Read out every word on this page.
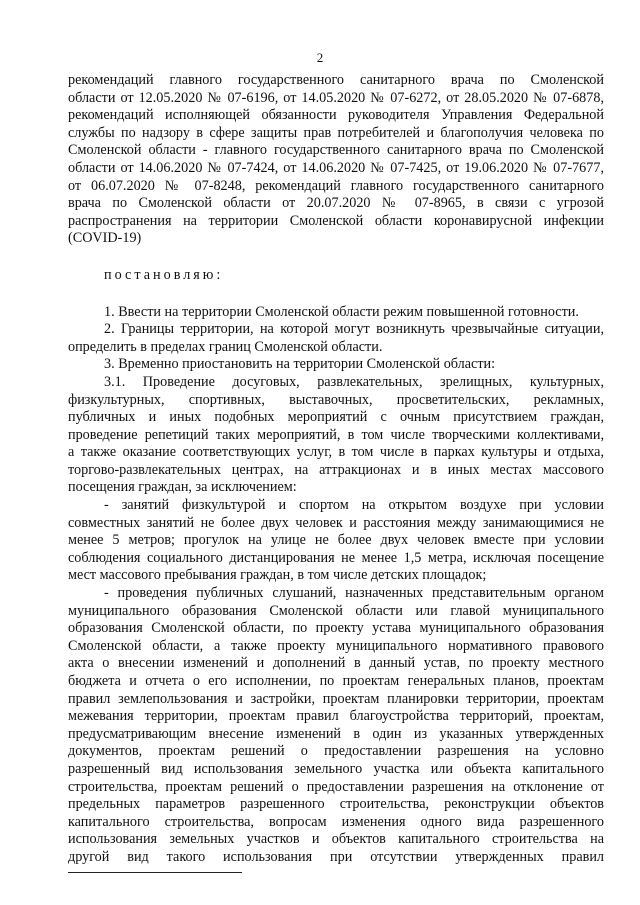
2
рекомендаций главного государственного санитарного врача по Смоленской
области от 12.05.2020 № 07-6196, от 14.05.2020 № 07-6272, от 28.05.2020 № 07-6878,
рекомендаций исполняющей обязанности руководителя Управления Федеральной
службы по надзору в сфере защиты прав потребителей и благополучия человека по
Смоленской области - главного государственного санитарного врача по Смоленской
области от 14.06.2020 № 07-7424, от 14.06.2020 № 07-7425, от 19.06.2020 № 07-7677,
от 06.07.2020 № 07-8248, рекомендаций главного государственного санитарного
врача по Смоленской области от 20.07.2020 № 07-8965, в связи с угрозой
распространения на территории Смоленской области коронавирусной инфекции
(COVID-19)
постановляю:
1. Ввести на территории Смоленской области режим повышенной готовности.
2. Границы территории, на которой могут возникнуть чрезвычайные ситуации,
определить в пределах границ Смоленской области.
3. Временно приостановить на территории Смоленской области:
3.1. Проведение досуговых, развлекательных, зрелищных, культурных,
физкультурных, спортивных, выставочных, просветительских, рекламных,
публичных и иных подобных мероприятий с очным присутствием граждан,
проведение репетиций таких мероприятий, в том числе творческими коллективами,
а также оказание соответствующих услуг, в том числе в парках культуры и отдыха,
торгово-развлекательных центрах, на аттракционах и в иных местах массового
посещения граждан, за исключением:
- занятий физкультурой и спортом на открытом воздухе при условии
совместных занятий не более двух человек и расстояния между занимающимися не
менее 5 метров; прогулок на улице не более двух человек вместе при условии
соблюдения социального дистанцирования не менее 1,5 метра, исключая посещение
мест массового пребывания граждан, в том числе детских площадок;
- проведения публичных слушаний, назначенных представительным органом
муниципального образования Смоленской области или главой муниципального
образования Смоленской области, по проекту устава муниципального образования
Смоленской области, а также проекту муниципального нормативного правового
акта о внесении изменений и дополнений в данный устав, по проекту местного
бюджета и отчета о его исполнении, по проектам генеральных планов, проектам
правил землепользования и застройки, проектам планировки территории, проектам
межевания территории, проектам правил благоустройства территорий, проектам,
предусматривающим внесение изменений в один из указанных утвержденных
документов, проектам решений о предоставлении разрешения на условно
разрешенный вид использования земельного участка или объекта капитального
строительства, проектам решений о предоставлении разрешения на отклонение от
предельных параметров разрешенного строительства, реконструкции объектов
капитального строительства, вопросам изменения одного вида разрешенного
использования земельных участков и объектов капитального строительства на
другой вид такого использования при отсутствии утвержденных правил
